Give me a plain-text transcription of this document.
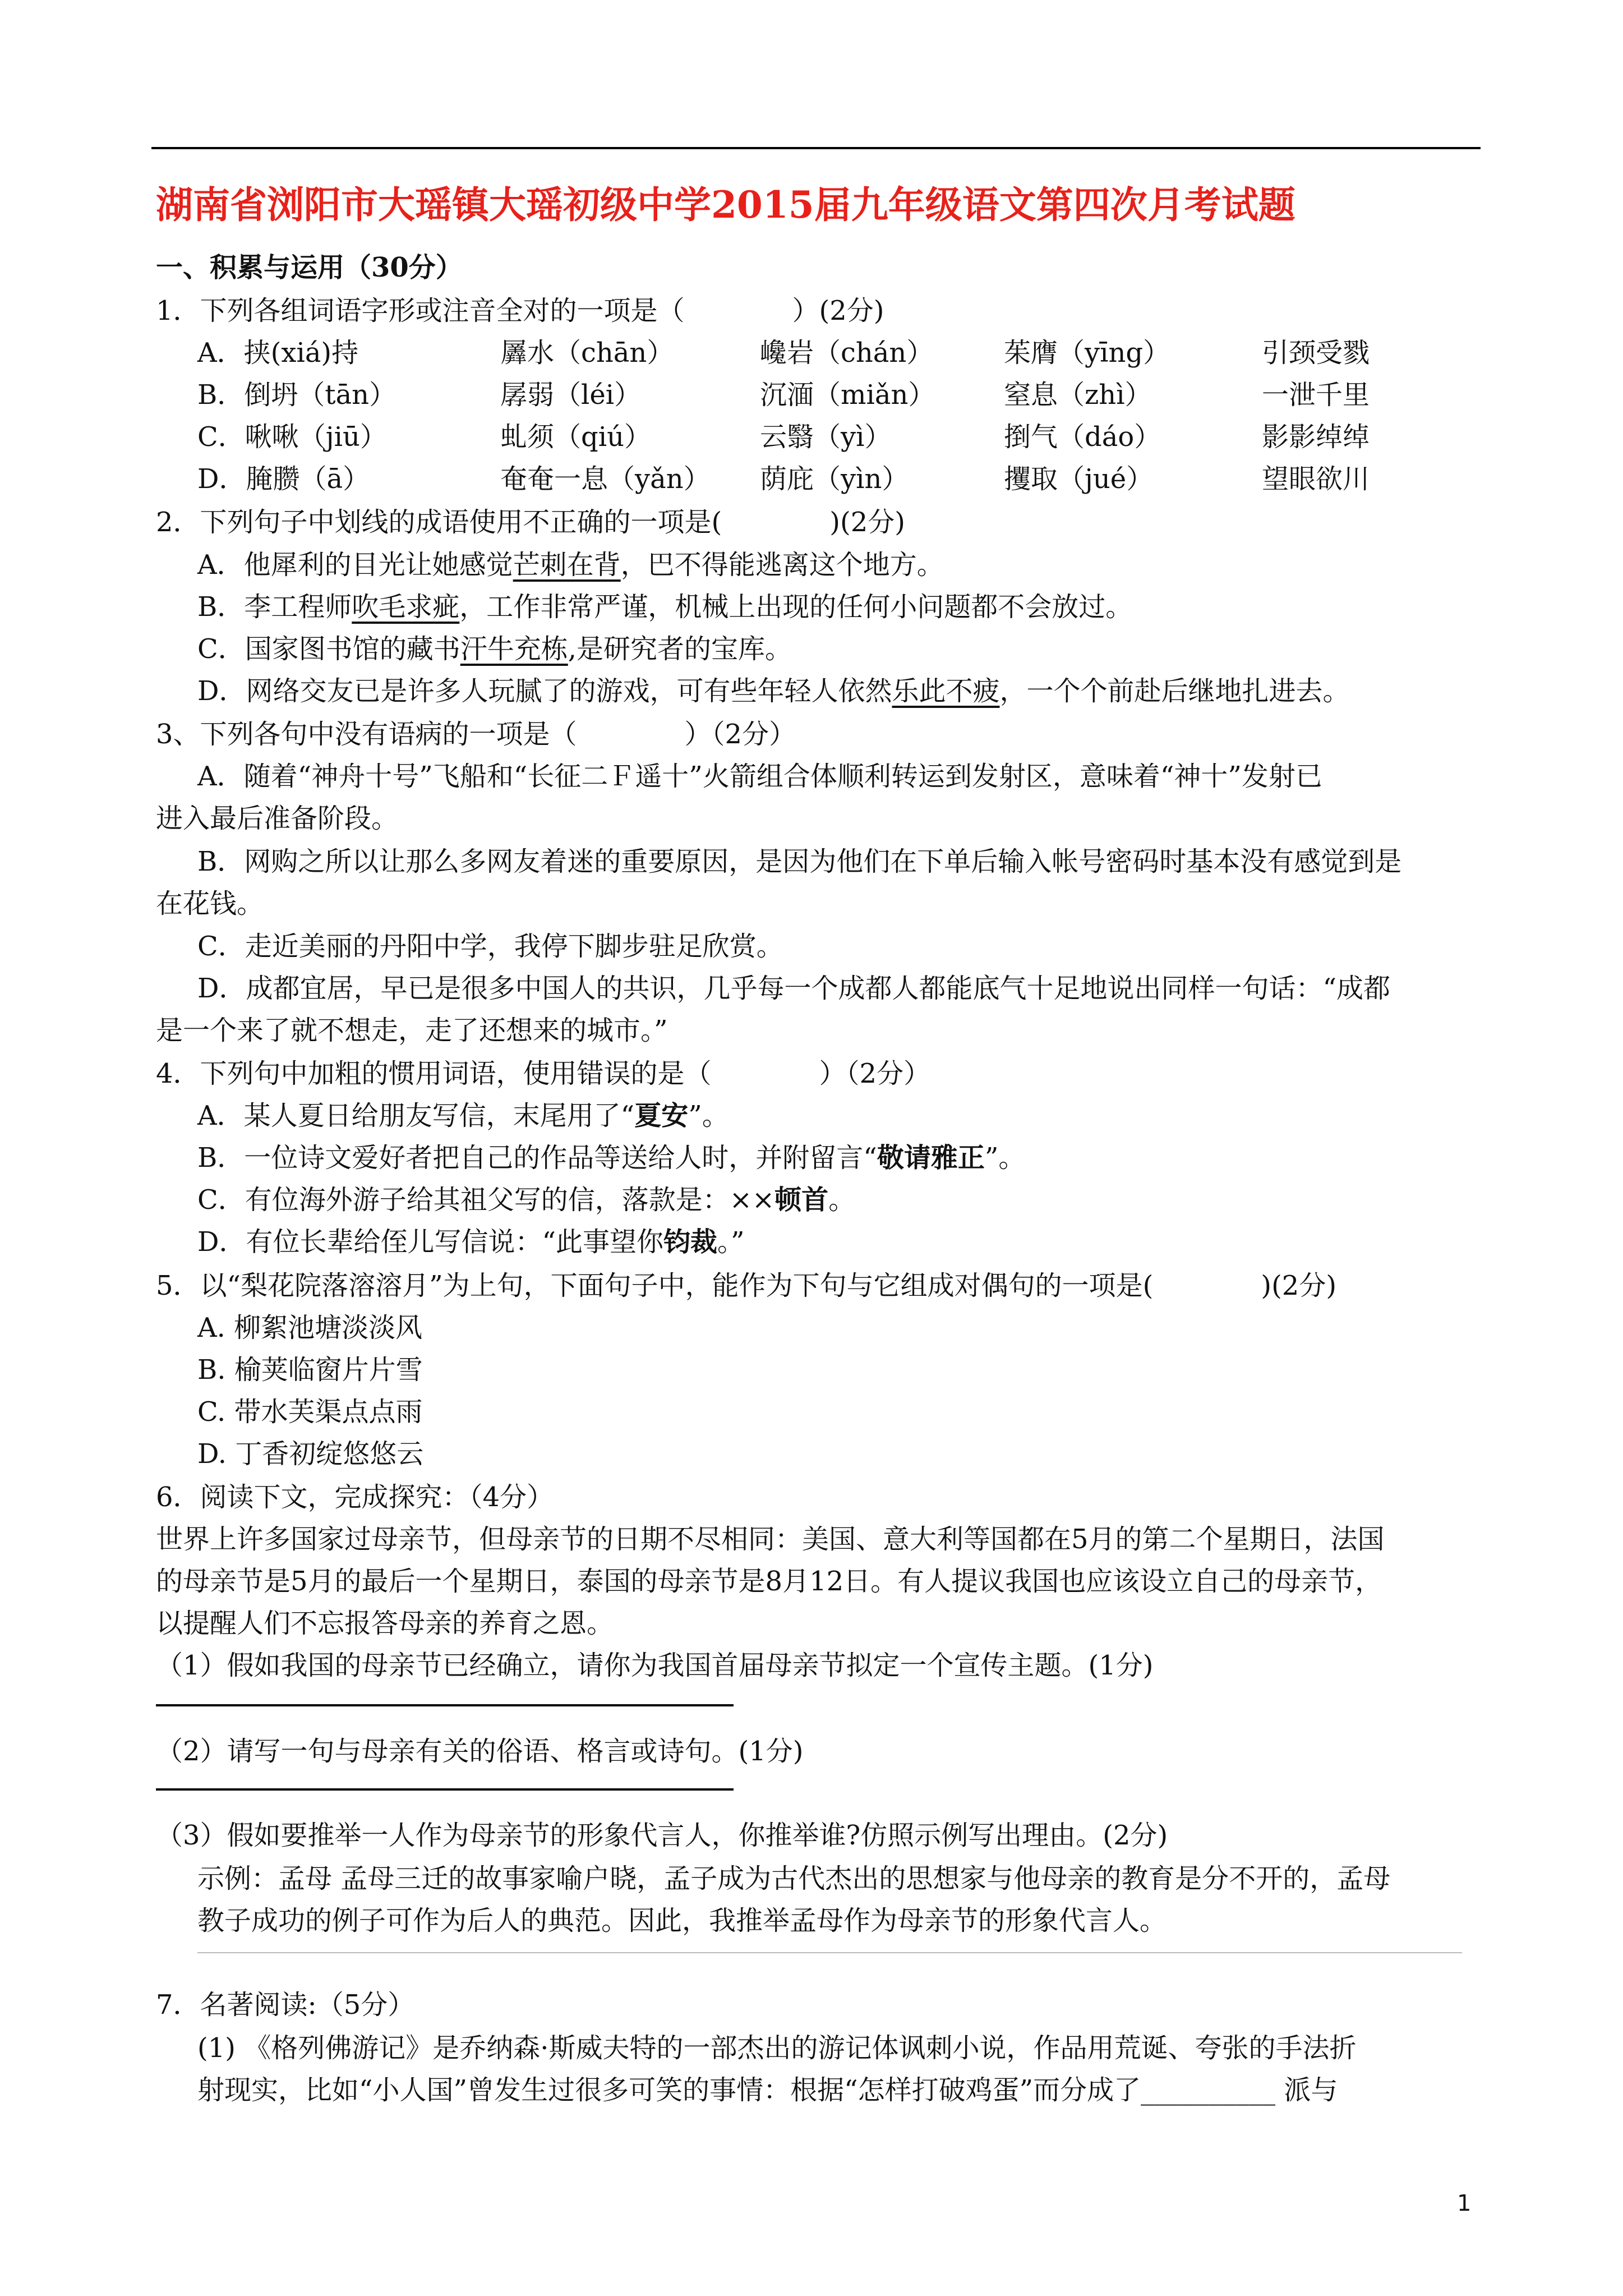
湖南省浏阳市大瑶镇大瑶初级中学2015届九年级语文第四次月考试题
一、积累与运用（30分）
1．下列各组词语字形或注音全对的一项是（　　　　）(2分)
A．挟(xiá)持	羼水（chān）	巉岩（chán）	茱膺（yīng）	引颈受戮
B．倒坍（tān）	孱弱（léi）	沉湎（miǎn）	窒息（zhì）	一泄千里
C．啾啾（jiū）	虬须（qiú）	云翳（yì）	捯气（dáo）	影影绰绰
D．腌臜（ā）	奄奄一息（yǎn） 荫庇（yìn）	攫取（jué）	望眼欲川
2．下列句子中划线的成语使用不正确的一项是(　　　　)(2分)
A．他犀利的目光让她感觉芒刺在背，巴不得能逃离这个地方。
B．李工程师吹毛求疵，工作非常严谨，机械上出现的任何小问题都不会放过。
C．国家图书馆的藏书汗牛充栋,是研究者的宝库。
D．网络交友已是许多人玩腻了的游戏，可有些年轻人依然乐此不疲，一个个前赴后继地扎进去。
3、下列各句中没有语病的一项是（　　　　）（2分）
A．随着“神舟十号”飞船和“长征二Ｆ遥十”火箭组合体顺利转运到发射区，意味着“神十”发射已
进入最后准备阶段。
B．网购之所以让那么多网友着迷的重要原因，是因为他们在下单后输入帐号密码时基本没有感觉到是
在花钱。
C．走近美丽的丹阳中学，我停下脚步驻足欣赏。
D．成都宜居，早已是很多中国人的共识，几乎每一个成都人都能底气十足地说出同样一句话：“成都
是一个来了就不想走，走了还想来的城市。”
4．下列句中加粗的惯用词语，使用错误的是（　　　　）（2分）
A．某人夏日给朋友写信，末尾用了“夏安”。
B．一位诗文爱好者把自己的作品等送给人时，并附留言“敬请雅正”。
C．有位海外游子给其祖父写的信，落款是：××顿首。
D．有位长辈给侄儿写信说：“此事望你钧裁。”
5．以“梨花院落溶溶月”为上句，下面句子中，能作为下句与它组成对偶句的一项是(　　　　)(2分)
A. 柳絮池塘淡淡风
B. 榆荚临窗片片雪
C. 带水芙渠点点雨
D. 丁香初绽悠悠云
6．阅读下文，完成探究：（4分）
世界上许多国家过母亲节，但母亲节的日期不尽相同：美国、意大利等国都在5月的第二个星期日，法国
的母亲节是5月的最后一个星期日，泰国的母亲节是8月12日。有人提议我国也应该设立自己的母亲节，
以提醒人们不忘报答母亲的养育之恩。
（1）假如我国的母亲节已经确立，请你为我国首届母亲节拟定一个宣传主题。(1分)
（2）请写一句与母亲有关的俗语、格言或诗句。(1分)
（3）假如要推举一人作为母亲节的形象代言人，你推举谁?仿照示例写出理由。(2分)
示例：孟母 孟母三迁的故事家喻户晓，孟子成为古代杰出的思想家与他母亲的教育是分不开的，孟母
教子成功的例子可作为后人的典范。因此，我推举孟母作为母亲节的形象代言人。
7．名著阅读:（5分）
(1) 《格列佛游记》是乔纳森·斯威夫特的一部杰出的游记体讽刺小说，作品用荒诞、夸张的手法折
射现实，比如“小人国”曾发生过很多可笑的事情：根据“怎样打破鸡蛋”而分成了__________ 派与
1
